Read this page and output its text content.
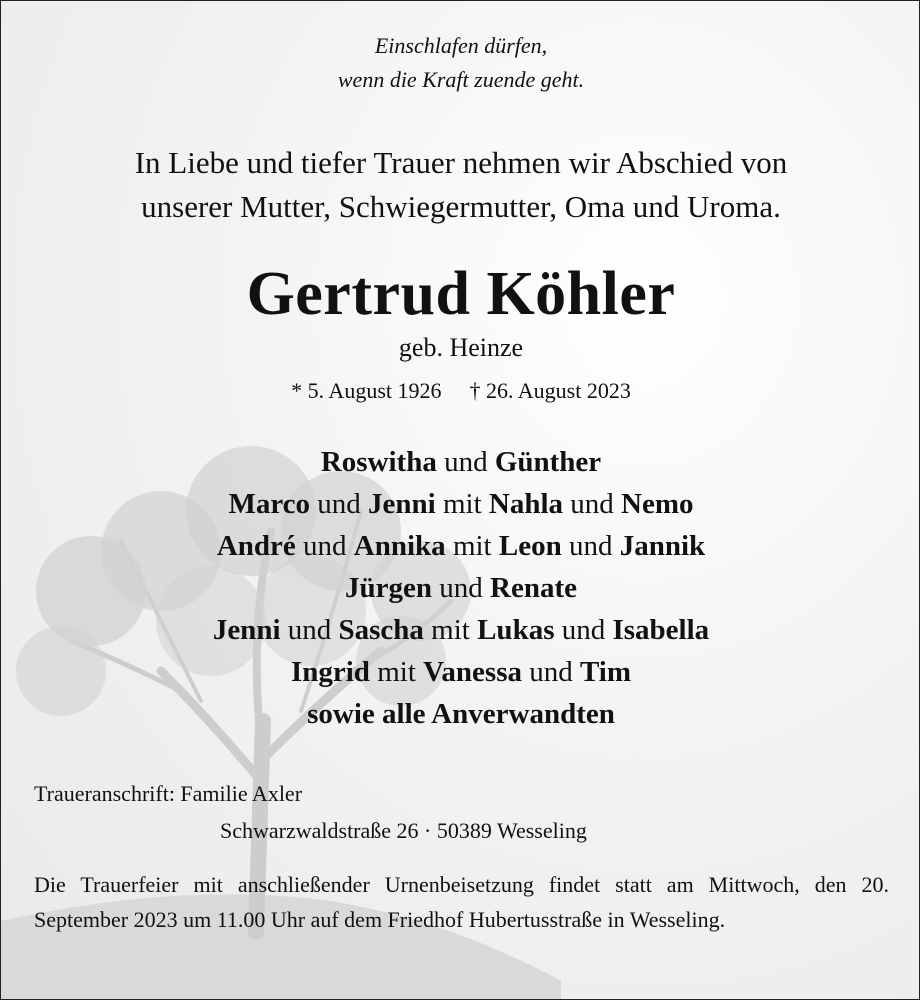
Einschlafen dürfen,
wenn die Kraft zuende geht.
In Liebe und tiefer Trauer nehmen wir Abschied von
unserer Mutter, Schwiegermutter, Oma und Uroma.
Gertrud Köhler
geb. Heinze
* 5. August 1926 † 26. August 2023
Roswitha und Günther
Marco und Jenni mit Nahla und Nemo
André und Annika mit Leon und Jannik
Jürgen und Renate
Jenni und Sascha mit Lukas und Isabella
Ingrid mit Vanessa und Tim
sowie alle Anverwandten
Traueranschrift: Familie Axler
Schwarzwaldstraße 26 · 50389 Wesseling
Die Trauerfeier mit anschließender Urnenbeisetzung findet statt am Mittwoch, den 20. September 2023 um 11.00 Uhr auf dem Friedhof Hubertusstraße in Wesseling.
